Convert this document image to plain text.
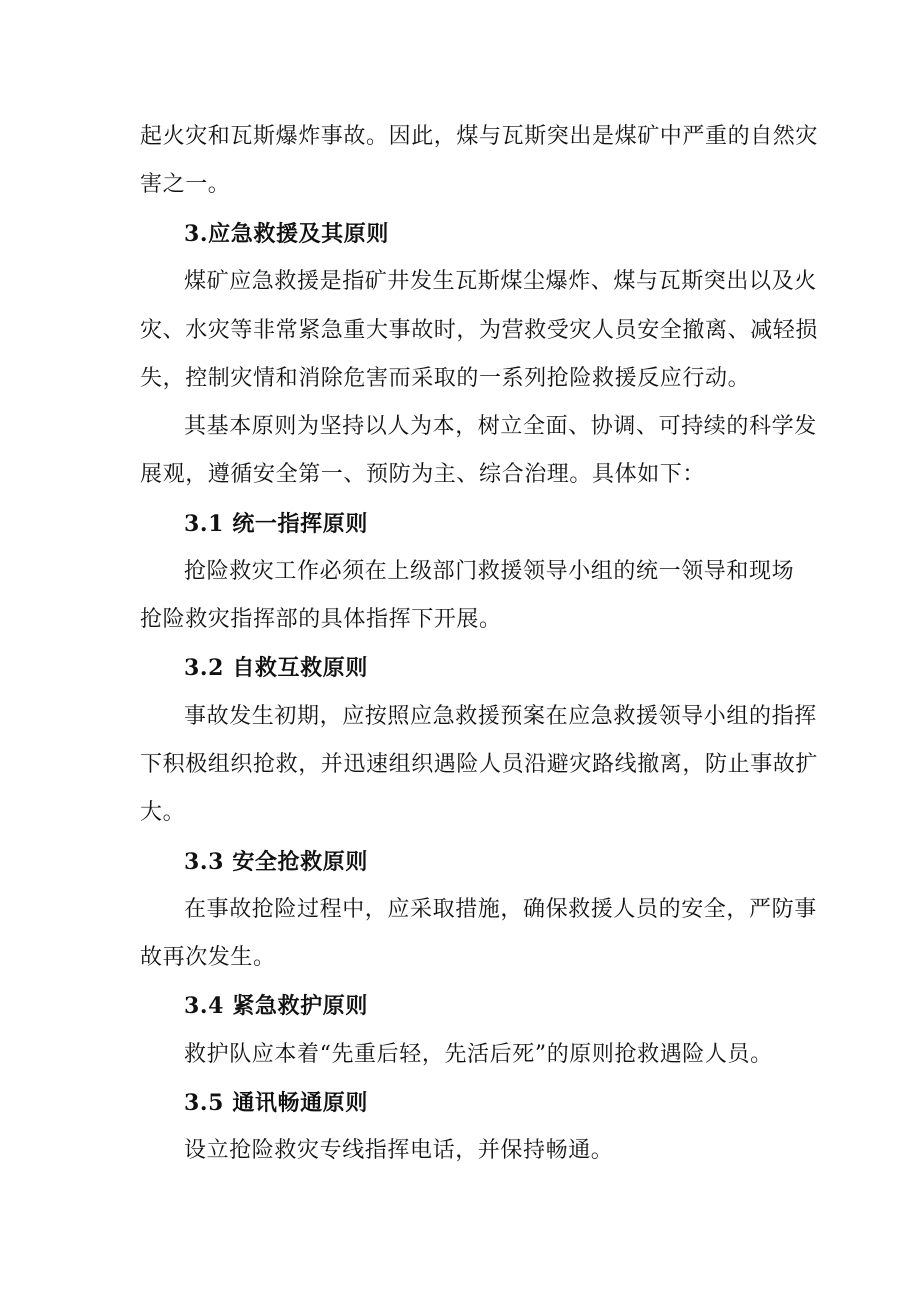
起火灾和瓦斯爆炸事故。因此，煤与瓦斯突出是煤矿中严重的自然灾
害之一。
3.应急救援及其原则
煤矿应急救援是指矿井发生瓦斯煤尘爆炸、煤与瓦斯突出以及火
灾、水灾等非常紧急重大事故时，为营救受灾人员安全撤离、减轻损
失，控制灾情和消除危害而采取的一系列抢险救援反应行动。
其基本原则为坚持以人为本，树立全面、协调、可持续的科学发
展观，遵循安全第一、预防为主、综合治理。具体如下：
3.1 统一指挥原则
抢险救灾工作必须在上级部门救援领导小组的统一领导和现场
抢险救灾指挥部的具体指挥下开展。
3.2 自救互救原则
事故发生初期，应按照应急救援预案在应急救援领导小组的指挥
下积极组织抢救，并迅速组织遇险人员沿避灾路线撤离，防止事故扩
大。
3.3 安全抢救原则
在事故抢险过程中，应采取措施，确保救援人员的安全，严防事
故再次发生。
3.4 紧急救护原则
救护队应本着“先重后轻，先活后死”的原则抢救遇险人员。
3.5 通讯畅通原则
设立抢险救灾专线指挥电话，并保持畅通。
